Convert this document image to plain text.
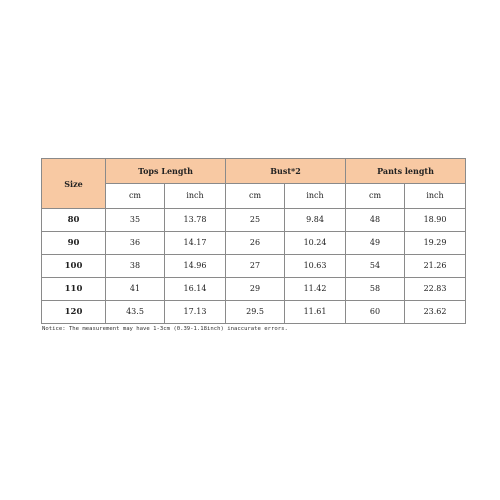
Size	Tops Length		Bust*2		Pants length	
	cm	inch	cm	inch	cm	inch
80	35	13.78	25	9.84	48	18.90
90	36	14.17	26	10.24	49	19.29
100	38	14.96	27	10.63	54	21.26
110	41	16.14	29	11.42	58	22.83
120	43.5	17.13	29.5	11.61	60	23.62
Notice: The measurement may have 1-3cm (0.39-1.18inch) inaccurate errors.
